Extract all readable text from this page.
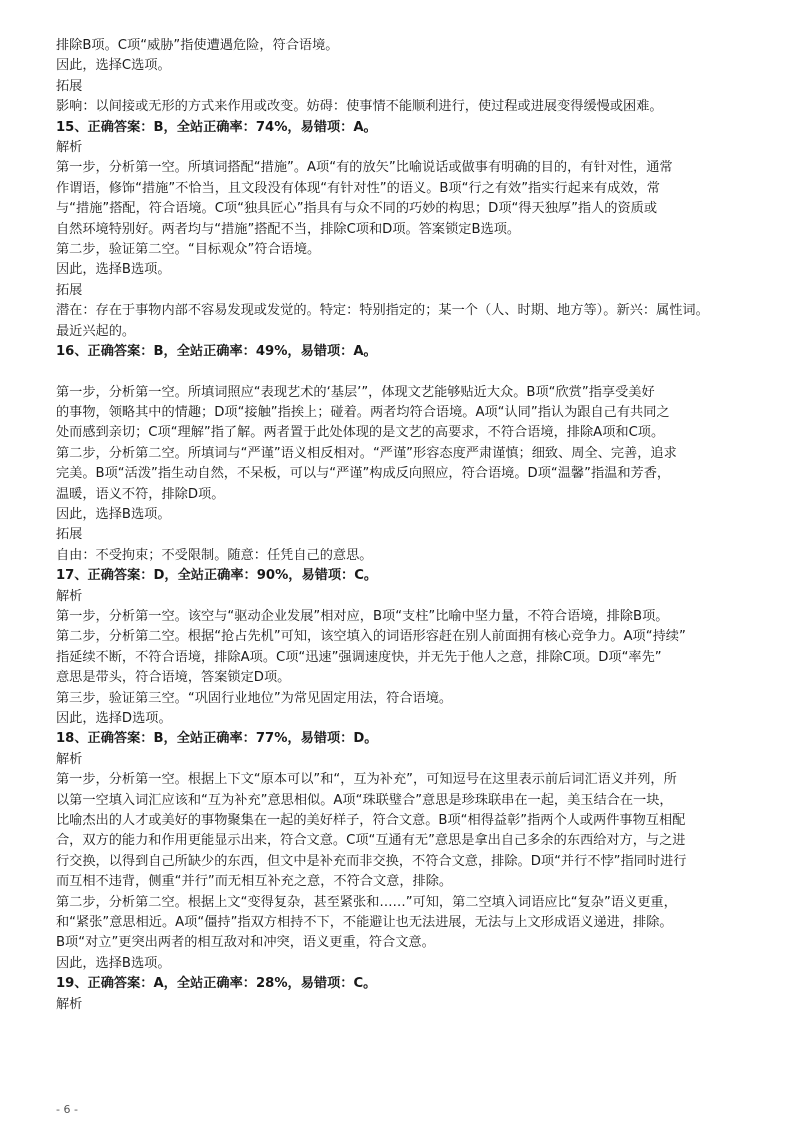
排除B项。C项“威胁”指使遭遇危险，符合语境。
因此，选择C选项。
拓展
影响：以间接或无形的方式来作用或改变。妨碍：使事情不能顺利进行，使过程或进展变得缓慢或困难。
15、正确答案：B，全站正确率：74%，易错项：A。
解析
第一步，分析第一空。所填词搭配“措施”。A项“有的放矢”比喻说话或做事有明确的目的，有针对性，通常
作谓语，修饰“措施”不恰当，且文段没有体现“有针对性”的语义。B项“行之有效”指实行起来有成效，常
与“措施”搭配，符合语境。C项“独具匠心”指具有与众不同的巧妙的构思；D项“得天独厚”指人的资质或
自然环境特别好。两者均与“措施”搭配不当，排除C项和D项。答案锁定B选项。
第二步，验证第二空。“目标观众”符合语境。
因此，选择B选项。
拓展
潜在：存在于事物内部不容易发现或发觉的。特定：特别指定的；某一个（人、时期、地方等）。新兴：属性词。
最近兴起的。
16、正确答案：B，全站正确率：49%，易错项：A。
第一步，分析第一空。所填词照应“表现艺术的‘基层’”，体现文艺能够贴近大众。B项“欣赏”指享受美好
的事物，领略其中的情趣；D项“接触”指挨上；碰着。两者均符合语境。A项“认同”指认为跟自己有共同之
处而感到亲切；C项“理解”指了解。两者置于此处体现的是文艺的高要求，不符合语境，排除A项和C项。
第二步，分析第二空。所填词与“严谨”语义相反相对。“严谨”形容态度严肃谨慎；细致、周全、完善，追求
完美。B项“活泼”指生动自然，不呆板，可以与“严谨”构成反向照应，符合语境。D项“温馨”指温和芳香，
温暖，语义不符，排除D项。
因此，选择B选项。
拓展
自由：不受拘束；不受限制。随意：任凭自己的意思。
17、正确答案：D，全站正确率：90%，易错项：C。
解析
第一步，分析第一空。该空与“驱动企业发展”相对应，B项“支柱”比喻中坚力量，不符合语境，排除B项。
第二步，分析第二空。根据“抢占先机”可知，该空填入的词语形容赶在别人前面拥有核心竞争力。A项“持续”
指延续不断，不符合语境，排除A项。C项“迅速”强调速度快，并无先于他人之意，排除C项。D项“率先”
意思是带头，符合语境，答案锁定D项。
第三步，验证第三空。“巩固行业地位”为常见固定用法，符合语境。
因此，选择D选项。
18、正确答案：B，全站正确率：77%，易错项：D。
解析
第一步，分析第一空。根据上下文“原本可以”和“，互为补充”，可知逗号在这里表示前后词汇语义并列，所
以第一空填入词汇应该和“互为补充”意思相似。A项“珠联璧合”意思是珍珠联串在一起，美玉结合在一块，
比喻杰出的人才或美好的事物聚集在一起的美好样子，符合文意。B项“相得益彰”指两个人或两件事物互相配
合，双方的能力和作用更能显示出来，符合文意。C项“互通有无”意思是拿出自己多余的东西给对方，与之进
行交换，以得到自己所缺少的东西，但文中是补充而非交换，不符合文意，排除。D项“并行不悖”指同时进行
而互相不违背，侧重“并行”而无相互补充之意，不符合文意，排除。
第二步，分析第二空。根据上文“变得复杂，甚至紧张和……”可知，第二空填入词语应比“复杂”语义更重，
和“紧张”意思相近。A项“僵持”指双方相持不下，不能避让也无法进展，无法与上文形成语义递进，排除。
B项“对立”更突出两者的相互敌对和冲突，语义更重，符合文意。
因此，选择B选项。
19、正确答案：A，全站正确率：28%，易错项：C。
解析
- 6 -
